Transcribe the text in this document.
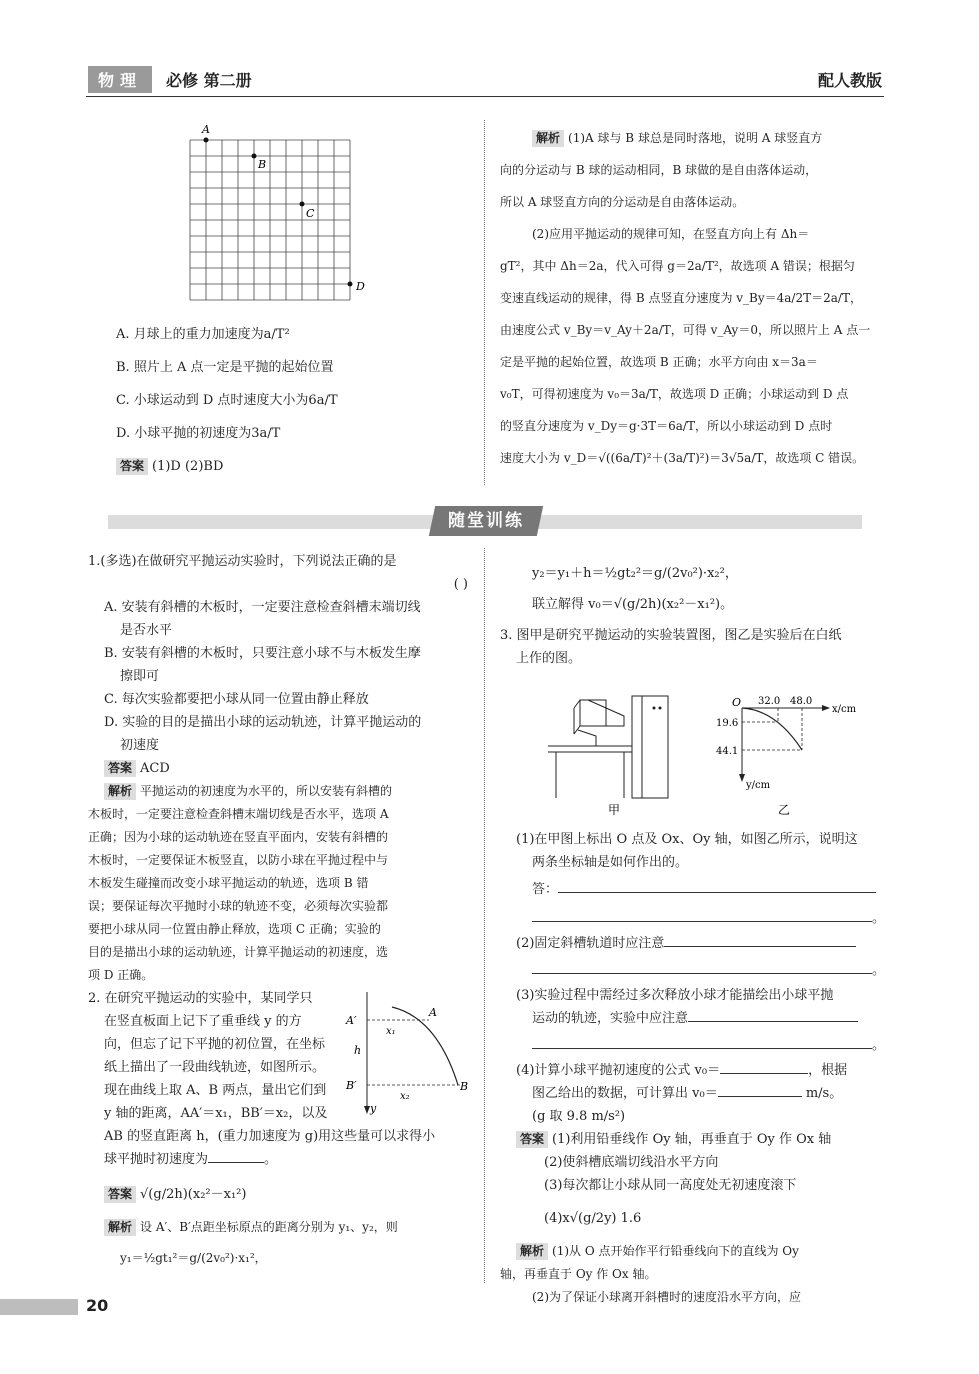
物理	必修 第二册	配人教版
A
B
C
D
A. 月球上的重力加速度为a/T²
B. 照片上 A 点一定是平抛的起始位置
C. 小球运动到 D 点时速度大小为6a/T
D. 小球平抛的初速度为3a/T
答案 (1)D (2)BD
解析 (1)A 球与 B 球总是同时落地，说明 A 球竖直方
向的分运动与 B 球的运动相同，B 球做的是自由落体运动，
所以 A 球竖直方向的分运动是自由落体运动。
(2)应用平抛运动的规律可知，在竖直方向上有 Δh＝
gT²，其中 Δh＝2a，代入可得 g＝2a/T²，故选项 A 错误；根据匀
变速直线运动的规律，得 B 点竖直分速度为 v_By＝4a/2T＝2a/T，
由速度公式 v_By＝v_Ay＋2a/T，可得 v_Ay＝0，所以照片上 A 点一
定是平抛的起始位置，故选项 B 正确；水平方向由 x＝3a＝
v₀T，可得初速度为 v₀＝3a/T，故选项 D 正确；小球运动到 D 点
的竖直分速度为 v_Dy＝g·3T＝6a/T，所以小球运动到 D 点时
速度大小为 v_D＝√((6a/T)²＋(3a/T)²)＝3√5a/T，故选项 C 错误。
随堂训练
1.(多选)在做研究平抛运动实验时，下列说法正确的是
( )
A. 安装有斜槽的木板时，一定要注意检查斜槽末端切线
是否水平
B. 安装有斜槽的木板时，只要注意小球不与木板发生摩
擦即可
C. 每次实验都要把小球从同一位置由静止释放
D. 实验的目的是描出小球的运动轨迹，计算平抛运动的
初速度
答案 ACD
解析 平抛运动的初速度为水平的，所以安装有斜槽的
木板时，一定要注意检查斜槽末端切线是否水平，选项 A
正确；因为小球的运动轨迹在竖直平面内，安装有斜槽的
木板时，一定要保证木板竖直，以防小球在平抛过程中与
木板发生碰撞而改变小球平抛运动的轨迹，选项 B 错
误；要保证每次平抛时小球的轨迹不变，必须每次实验都
要把小球从同一位置由静止释放，选项 C 正确；实验的
目的是描出小球的运动轨迹，计算平抛运动的初速度，选
项 D 正确。
2. 在研究平抛运动的实验中，某同学只
在竖直板面上记下了重垂线 y 的方
向，但忘了记下平抛的初位置，在坐标
纸上描出了一段曲线轨迹，如图所示。
现在曲线上取 A、B 两点，量出它们到
y 轴的距离，AA′＝x₁，BB′＝x₂，以及
AB 的竖直距离 h，(重力加速度为 g)用这些量可以求得小
球平抛时初速度为	。
答案 √(g/2h)(x₂²－x₁²)
解析 设 A′、B′点距坐标原点的距离分别为 y₁、y₂，则
y₁＝½gt₁²＝g/(2v₀²)·x₁²，
A
A′
B
B′
h
x₁
x₂
y
y₂＝y₁＋h＝½gt₂²＝g/(2v₀²)·x₂²，
联立解得 v₀＝√(g/2h)(x₂²－x₁²)。
3. 图甲是研究平抛运动的实验装置图，图乙是实验后在白纸
上作的图。
甲
O 32.0 48.0
x/cm
19.6
44.1
y/cm
乙
(1)在甲图上标出 O 点及 Ox、Oy 轴，如图乙所示，说明这
两条坐标轴是如何作出的。
答：
。
(2)固定斜槽轨道时应注意
。
(3)实验过程中需经过多次释放小球才能描绘出小球平抛
运动的轨迹，实验中应注意
。
(4)计算小球平抛初速度的公式 v₀＝	，根据
图乙给出的数据，可计算出 v₀＝	m/s。
(g 取 9.8 m/s²)
答案 (1)利用铅垂线作 Oy 轴，再垂直于 Oy 作 Ox 轴
(2)使斜槽底端切线沿水平方向
(3)每次都让小球从同一高度处无初速度滚下
(4)x√(g/2y) 1.6
解析 (1)从 O 点开始作平行铅垂线向下的直线为 Oy
轴，再垂直于 Oy 作 Ox 轴。
(2)为了保证小球离开斜槽时的速度沿水平方向，应
20
